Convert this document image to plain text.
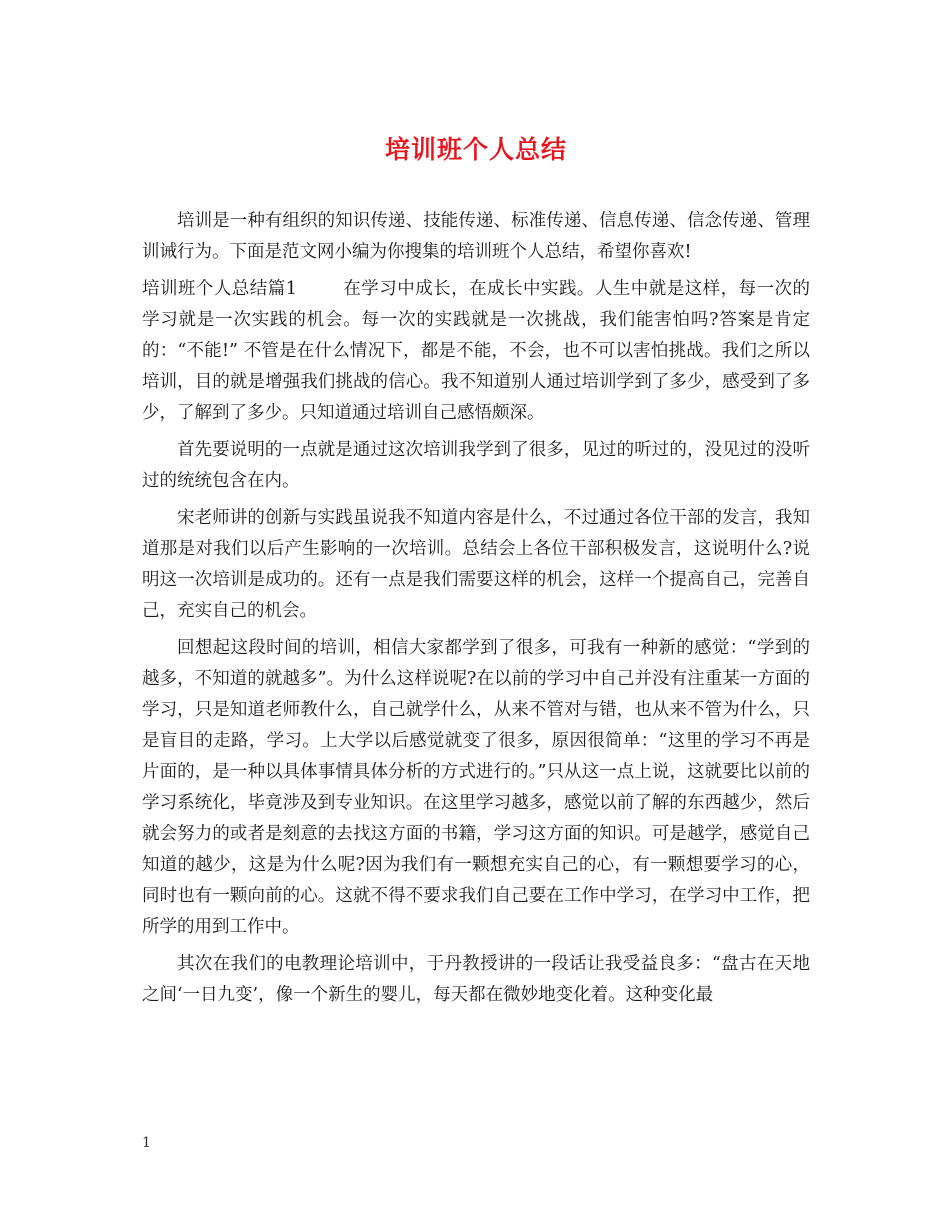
培训班个人总结

培训是一种有组织的知识传递、技能传递、标准传递、信息传递、信念传递、管理训诫行为。下面是范文网小编为你搜集的培训班个人总结，希望你喜欢!

培训班个人总结篇1	在学习中成长，在成长中实践。人生中就是这样，每一次的学习就是一次实践的机会。每一次的实践就是一次挑战，我们能害怕吗?答案是肯定的：“不能!” 不管是在什么情况下，都是不能，不会，也不可以害怕挑战。我们之所以培训，目的就是增强我们挑战的信心。我不知道别人通过培训学到了多少，感受到了多少，了解到了多少。只知道通过培训自己感悟颇深。

首先要说明的一点就是通过这次培训我学到了很多，见过的听过的，没见过的没听过的统统包含在内。

宋老师讲的创新与实践虽说我不知道内容是什么，不过通过各位干部的发言，我知道那是对我们以后产生影响的一次培训。总结会上各位干部积极发言，这说明什么?说明这一次培训是成功的。还有一点是我们需要这样的机会，这样一个提高自己，完善自己，充实自己的机会。

回想起这段时间的培训，相信大家都学到了很多，可我有一种新的感觉：“学到的越多，不知道的就越多”。为什么这样说呢?在以前的学习中自己并没有注重某一方面的学习，只是知道老师教什么，自己就学什么，从来不管对与错，也从来不管为什么，只是盲目的走路，学习。上大学以后感觉就变了很多，原因很简单：“这里的学习不再是片面的，是一种以具体事情具体分析的方式进行的。”只从这一点上说，这就要比以前的学习系统化，毕竟涉及到专业知识。在这里学习越多，感觉以前了解的东西越少，然后就会努力的或者是刻意的去找这方面的书籍，学习这方面的知识。可是越学，感觉自己知道的越少，这是为什么呢?因为我们有一颗想充实自己的心，有一颗想要学习的心，同时也有一颗向前的心。这就不得不要求我们自己要在工作中学习，在学习中工作，把所学的用到工作中。

其次在我们的电教理论培训中，于丹教授讲的一段话让我受益良多：“盘古在天地之间‘一日九变’，像一个新生的婴儿，每天都在微妙地变化着。这种变化最

1
